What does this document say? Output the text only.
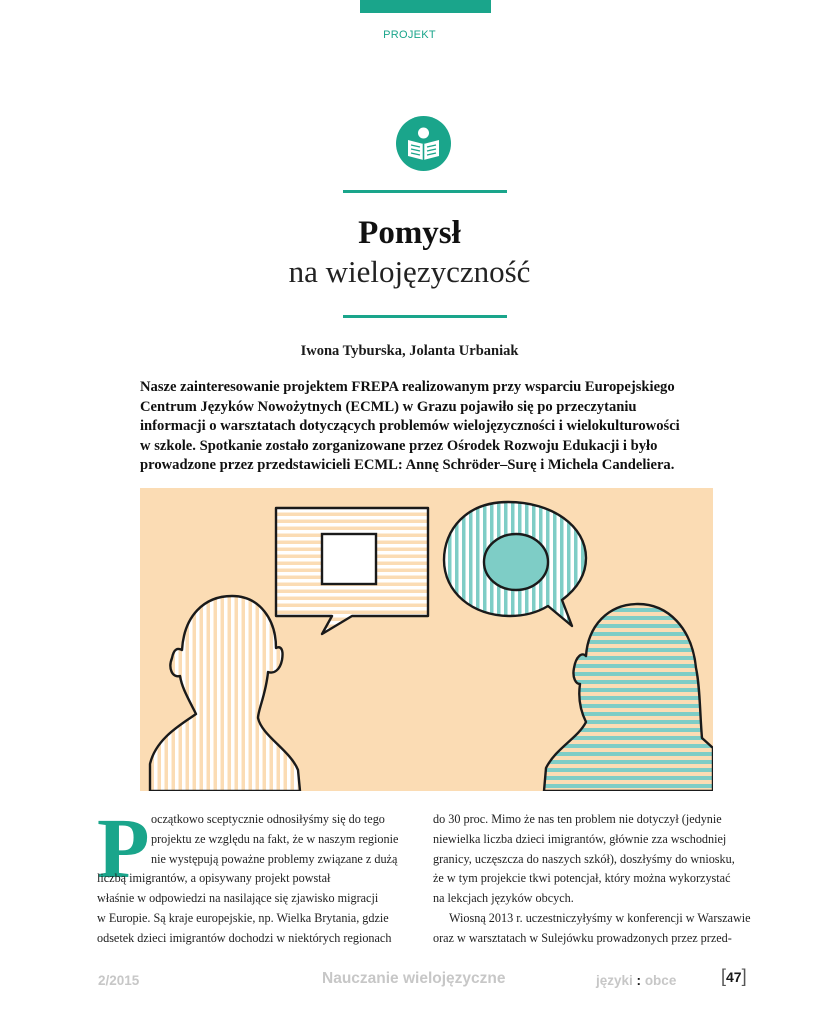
PROJEKT
Pomysł
na wielojęzyczność
Iwona Tyburska, Jolanta Urbaniak

Nasze zainteresowanie projektem FREPA realizowanym przy wsparciu Europejskiego

Centrum Języków Nowożytnych (ECML) w Grazu pojawiło się po przeczytaniu

informacji o warsztatach dotyczących problemów wielojęzyczności i wielokulturowości

w szkole. Spotkanie zostało zorganizowane przez Ośrodek Rozwoju Edukacji i było

prowadzone przez przedstawicieli ECML: Annę Schröder–Surę i Michela Candeliera.

P oczątkowo sceptycznie odnosiłyśmy się do tego

projektu ze względu na fakt, że w naszym regionie

nie występują poważne problemy związane z dużą

liczbą imigrantów, a opisywany projekt powstał

właśnie w odpowiedzi na nasilające się zjawisko migracji

w Europie. Są kraje europejskie, np. Wielka Brytania, gdzie

odsetek dzieci imigrantów dochodzi w niektórych regionach

do 30 proc. Mimo że nas ten problem nie dotyczył (jedynie

niewielka liczba dzieci imigrantów, głównie zza wschodniej

granicy, uczęszcza do naszych szkół), doszłyśmy do wniosku,

że w tym projekcie tkwi potencjał, który można wykorzystać

na lekcjach języków obcych.

Wiosną 2013 r. uczestniczyłyśmy w konferencji w Warszawie

oraz w warsztatach w Sulejówku prowadzonych przez przed-

2/2015	Nauczanie wielojęzyczne	języki : obce [47]
